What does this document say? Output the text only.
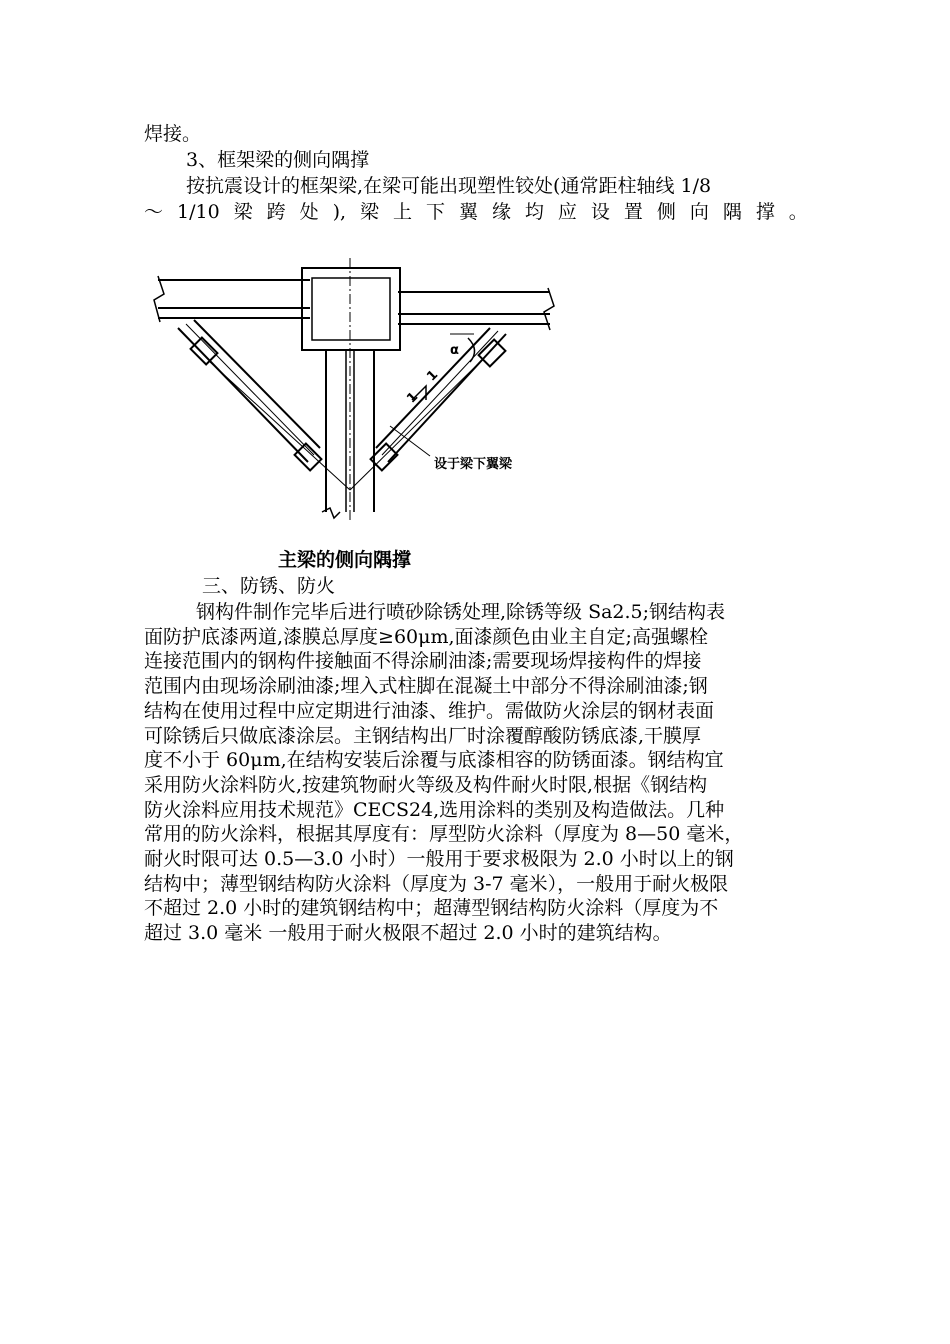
焊接。
3、框架梁的侧向隅撑
按抗震设计的框架梁,在梁可能出现塑性铰处(通常距柱轴线 1/8
～ 1/10 梁 跨 处 ), 梁 上 下 翼 缘 均 应 设 置 侧 向 隅 撑 。
α
1
1
设于梁下翼梁
主梁的侧向隅撑
三、防锈、防火
钢构件制作完毕后进行喷砂除锈处理,除锈等级 Sa2.5;钢结构表
面防护底漆两道,漆膜总厚度≥60μm,面漆颜色由业主自定;高强螺栓
连接范围内的钢构件接触面不得涂刷油漆;需要现场焊接构件的焊接
范围内由现场涂刷油漆;埋入式柱脚在混凝土中部分不得涂刷油漆;钢
结构在使用过程中应定期进行油漆、维护。需做防火涂层的钢材表面
可除锈后只做底漆涂层。主钢结构出厂时涂覆醇酸防锈底漆,干膜厚
度不小于 60μm,在结构安装后涂覆与底漆相容的防锈面漆。钢结构宜
采用防火涂料防火,按建筑物耐火等级及构件耐火时限,根据《钢结构
防火涂料应用技术规范》CECS24,选用涂料的类别及构造做法。几种
常用的防火涂料，根据其厚度有：厚型防火涂料（厚度为 8—50 毫米，
耐火时限可达 0.5—3.0 小时）一般用于要求极限为 2.0 小时以上的钢
结构中；薄型钢结构防火涂料（厚度为 3-7 毫米），一般用于耐火极限
不超过 2.0 小时的建筑钢结构中；超薄型钢结构防火涂料（厚度为不
超过 3.0 毫米 一般用于耐火极限不超过 2.0 小时的建筑结构。
